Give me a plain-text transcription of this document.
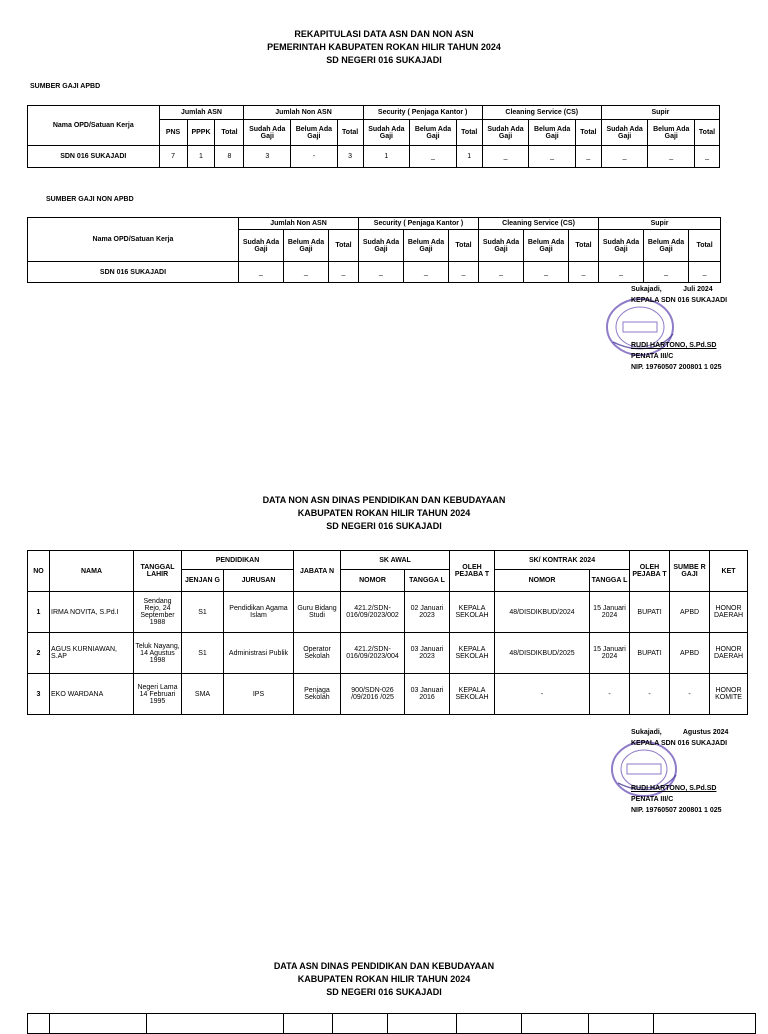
REKAPITULASI DATA ASN DAN NON ASN
PEMERINTAH KABUPATEN ROKAN HILIR TAHUN 2024
SD NEGERI 016 SUKAJADI
SUMBER GAJI APBD
Nama OPD/Satuan Kerja	Jumlah ASN			Jumlah Non ASN			Security ( Penjaga Kantor )			Cleaning Service (CS)			Supir		
	PNS	PPPK	Total	Sudah Ada Gaji	Belum Ada Gaji	Total	Sudah Ada Gaji	Belum Ada Gaji	Total	Sudah Ada Gaji	Belum Ada Gaji	Total	Sudah Ada Gaji	Belum Ada Gaji	Total
SDN 016 SUKAJADI	7	1	8	3	-	3	1	_	1	_	_	_	_	_	_
SUMBER GAJI NON APBD
Nama OPD/Satuan Kerja	Jumlah Non ASN			Security ( Penjaga Kantor )			Cleaning Service (CS)			Supir		
	Sudah Ada Gaji	Belum Ada Gaji	Total	Sudah Ada Gaji	Belum Ada Gaji	Total	Sudah Ada Gaji	Belum Ada Gaji	Total	Sudah Ada Gaji	Belum Ada Gaji	Total
SDN 016 SUKAJADI	_	_	_	_	_	_	_	_	_	_	_	_
Sukajadi,           Juli 2024
KEPALA SDN 016 SUKAJADI
RUDI HARTONO, S.Pd.SD
PENATA III/C
NIP. 19760507 200801 1 025
DATA NON ASN DINAS PENDIDIKAN DAN KEBUDAYAAN
KABUPATEN ROKAN HILIR TAHUN 2024
SD NEGERI 016 SUKAJADI
NO	NAMA	TANGGAL LAHIR	PENDIDIKAN		JABATA N	SK AWAL		OLEH PEJABA T	SK/ KONTRAK 2024		OLEH PEJABA T	SUMBE R GAJI	KET
			JENJAN G	JURUSAN		NOMOR	TANGGA L		NOMOR	TANGGA L			
1	IRMA NOVITA, S.Pd.I	Sendang Rejo, 24 September 1988	S1	Pendidikan Agama Islam	Guru Bidang Studi	421.2/SDN-016/09/2023/002	02 Januari 2023	KEPALA SEKOLAH	48/DISDIKBUD/2024	15 Januari 2024	BUPATI	APBD	HONOR DAERAH
2	AGUS KURNIAWAN, S.AP	Teluk Nayang, 14 Agustus 1998	S1	Administrasi Publik	Operator Sekolah	421.2/SDN-016/09/2023/004	03 Januari 2023	KEPALA SEKOLAH	48/DISDIKBUD/2025	15 Januari 2024	BUPATI	APBD	HONOR DAERAH
3	EKO WARDANA	Negeri Lama 14 Februari 1995	SMA	IPS	Penjaga Sekolah	900/SDN-026 /09/2016 /025	03 Januari 2016	KEPALA SEKOLAH	-	-	-	-	HONOR KOMITE
Sukajadi,           Agustus 2024
KEPALA SDN 016 SUKAJADI
RUDI HARTONO, S.Pd.SD
PENATA III/C
NIP. 19760507 200801 1 025
DATA ASN DINAS PENDIDIKAN DAN KEBUDAYAAN
KABUPATEN ROKAN HILIR TAHUN 2024
SD NEGERI 016 SUKAJADI
